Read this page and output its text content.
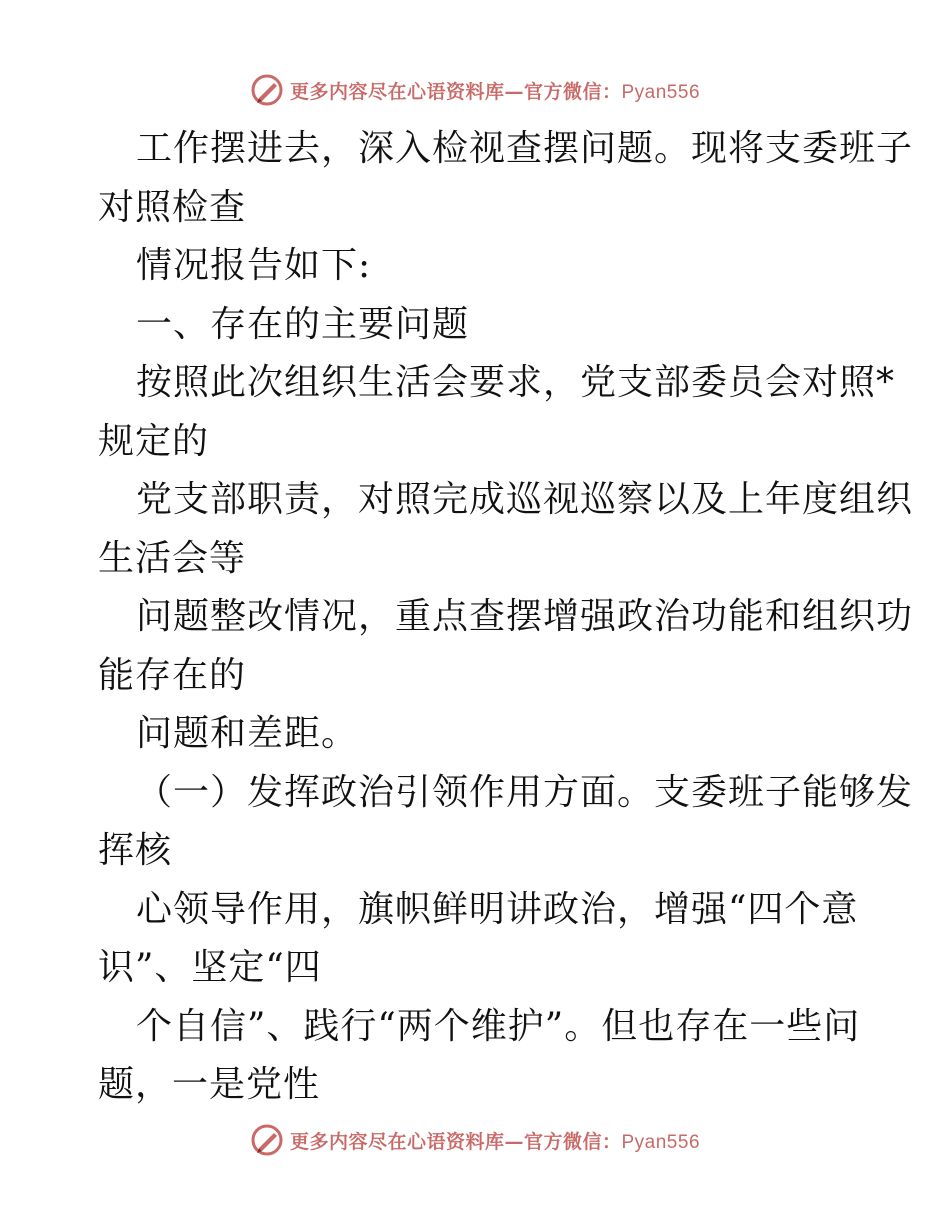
更多内容尽在心语资料库—官方微信：Pyan556
工作摆进去，深入检视查摆问题。现将支委班子
对照检查
情况报告如下:
一、存在的主要问题
按照此次组织生活会要求，党支部委员会对照*
规定的
党支部职责，对照完成巡视巡察以及上年度组织
生活会等
问题整改情况，重点查摆增强政治功能和组织功
能存在的
问题和差距。
（一）发挥政治引领作用方面。支委班子能够发
挥核
心领导作用，旗帜鲜明讲政治，增强“四个意
识”、坚定“四
个自信”、践行“两个维护”。但也存在一些问
题，一是党性
更多内容尽在心语资料库—官方微信：Pyan556
